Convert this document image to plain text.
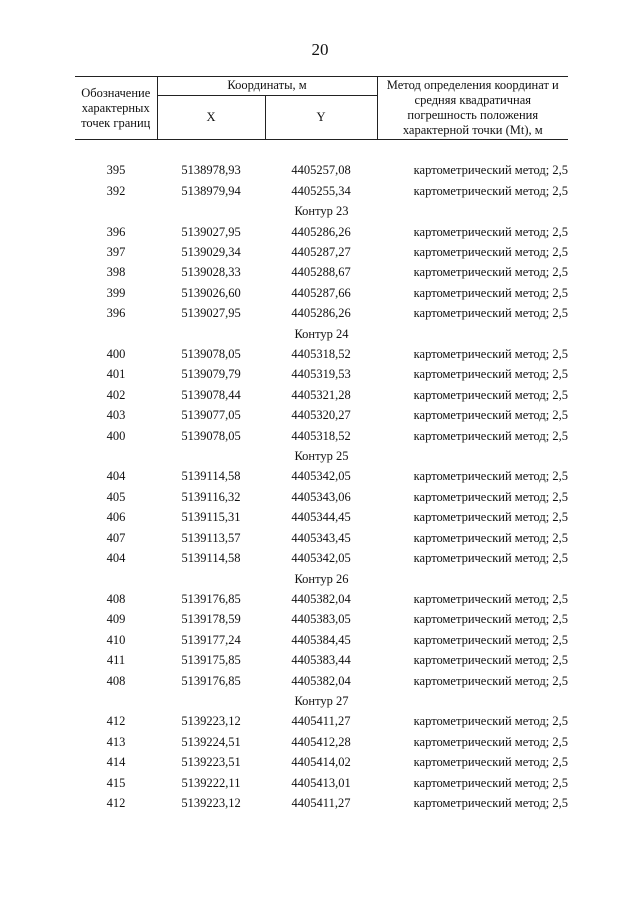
20
Обозначение характерных точек границ	Координаты, м		Метод определения координат и средняя квадратичная погрешность положения характерной точки (Mt), м
	X	Y	

395	5138978,93	4405257,08	картометрический метод; 2,5
392	5138979,94	4405255,34	картометрический метод; 2,5
Контур 23			
396	5139027,95	4405286,26	картометрический метод; 2,5
397	5139029,34	4405287,27	картометрический метод; 2,5
398	5139028,33	4405288,67	картометрический метод; 2,5
399	5139026,60	4405287,66	картометрический метод; 2,5
396	5139027,95	4405286,26	картометрический метод; 2,5
Контур 24			
400	5139078,05	4405318,52	картометрический метод; 2,5
401	5139079,79	4405319,53	картометрический метод; 2,5
402	5139078,44	4405321,28	картометрический метод; 2,5
403	5139077,05	4405320,27	картометрический метод; 2,5
400	5139078,05	4405318,52	картометрический метод; 2,5
Контур 25			
404	5139114,58	4405342,05	картометрический метод; 2,5
405	5139116,32	4405343,06	картометрический метод; 2,5
406	5139115,31	4405344,45	картометрический метод; 2,5
407	5139113,57	4405343,45	картометрический метод; 2,5
404	5139114,58	4405342,05	картометрический метод; 2,5
Контур 26			
408	5139176,85	4405382,04	картометрический метод; 2,5
409	5139178,59	4405383,05	картометрический метод; 2,5
410	5139177,24	4405384,45	картометрический метод; 2,5
411	5139175,85	4405383,44	картометрический метод; 2,5
408	5139176,85	4405382,04	картометрический метод; 2,5
Контур 27			
412	5139223,12	4405411,27	картометрический метод; 2,5
413	5139224,51	4405412,28	картометрический метод; 2,5
414	5139223,51	4405414,02	картометрический метод; 2,5
415	5139222,11	4405413,01	картометрический метод; 2,5
412	5139223,12	4405411,27	картометрический метод; 2,5
